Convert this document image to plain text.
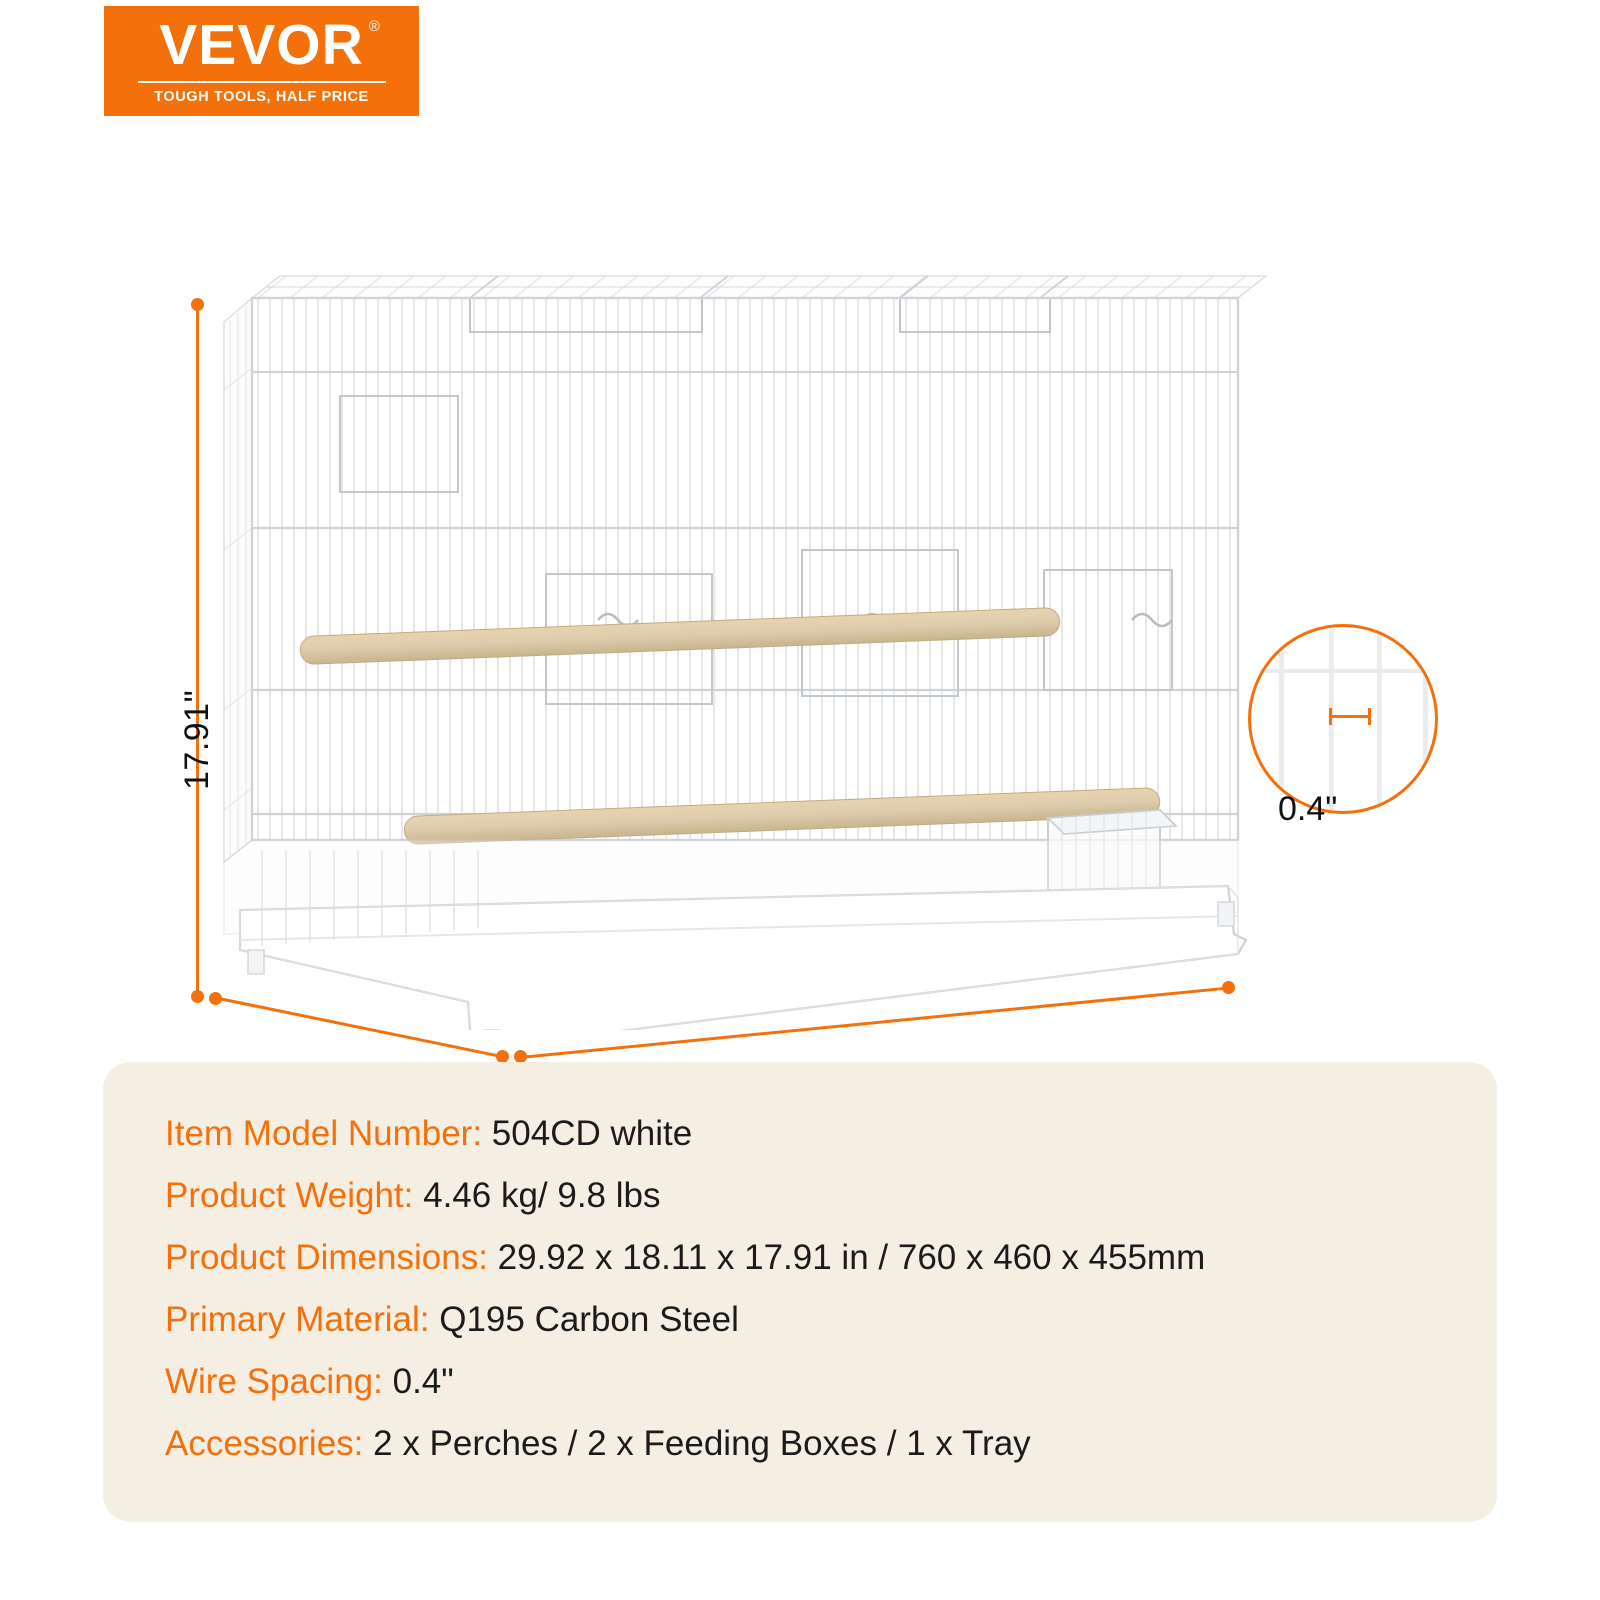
VEVOR ®
TOUGH TOOLS, HALF PRICE
17.91"
0.4"
Item Model Number: 504CD white
Product Weight: 4.46 kg/ 9.8 lbs
Product Dimensions: 29.92 x 18.11 x 17.91 in / 760 x 460 x 455mm
Primary Material: Q195 Carbon Steel
Wire Spacing: 0.4"
Accessories: 2 x Perches / 2 x Feeding Boxes / 1 x Tray
